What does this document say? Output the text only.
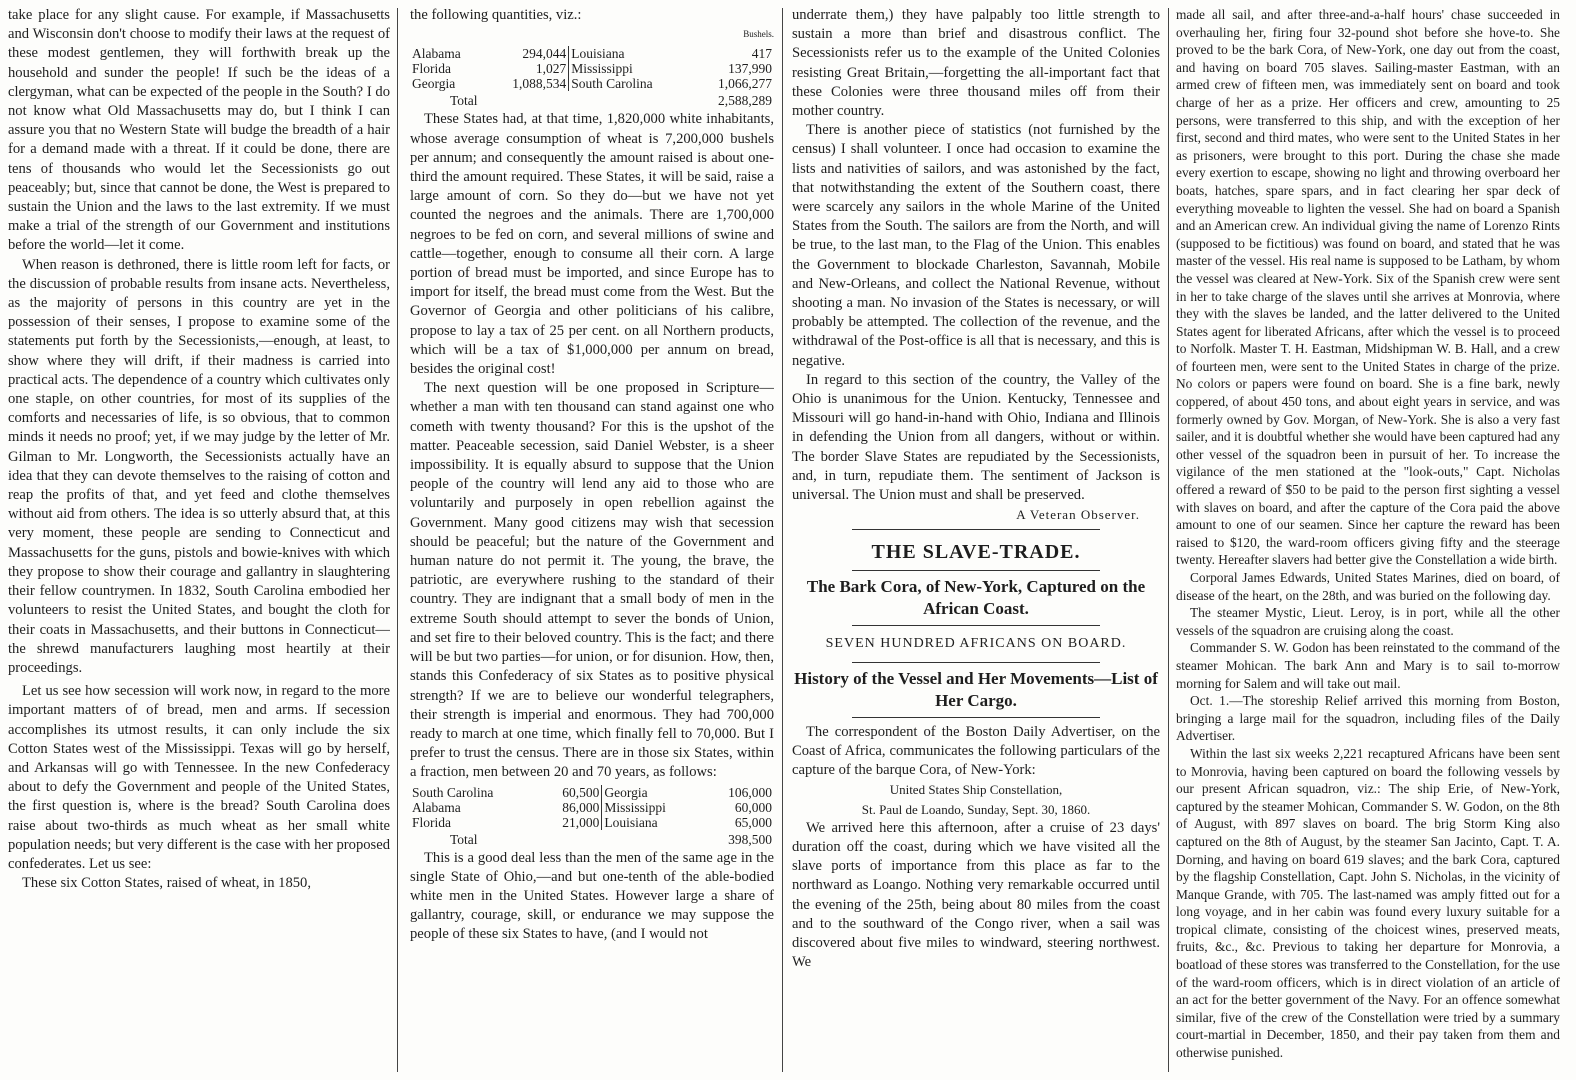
take place for any slight cause. For example, if Massachusetts and Wisconsin don't choose to modify their laws at the request of these modest gentlemen, they will forthwith break up the household and sunder the people! If such be the ideas of a clergyman, what can be expected of the people in the South? I do not know what Old Massachusetts may do, but I think I can assure you that no Western State will budge the breadth of a hair for a demand made with a threat. If it could be done, there are tens of thousands who would let the Secessionists go out peaceably; but, since that cannot be done, the West is prepared to sustain the Union and the laws to the last extremity. If we must make a trial of the strength of our Government and institutions before the world—let it come.

When reason is dethroned, there is little room left for facts, or the discussion of probable results from insane acts. Nevertheless, as the majority of persons in this country are yet in the possession of their senses, I propose to examine some of the statements put forth by the Secessionists,—enough, at least, to show where they will drift, if their madness is carried into practical acts. The dependence of a country which cultivates only one staple, on other countries, for most of its supplies of the comforts and necessaries of life, is so obvious, that to common minds it needs no proof; yet, if we may judge by the letter of Mr. Gilman to Mr. Longworth, the Secessionists actually have an idea that they can devote themselves to the raising of cotton and reap the profits of that, and yet feed and clothe themselves without aid from others. The idea is so utterly absurd that, at this very moment, these people are sending to Connecticut and Massachusetts for the guns, pistols and bowie-knives with which they propose to show their courage and gallantry in slaughtering their fellow countrymen. In 1832, South Carolina embodied her volunteers to resist the United States, and bought the cloth for their coats in Massachusetts, and their buttons in Connecticut—the shrewd manufacturers laughing most heartily at their proceedings.

Let us see how secession will work now, in regard to the more important matters of of bread, men and arms. If secession accomplishes its utmost results, it can only include the six Cotton States west of the Mississippi. Texas will go by herself, and Arkansas will go with Tennessee. In the new Confederacy about to defy the Government and people of the United States, the first question is, where is the bread? South Carolina does raise about two-thirds as much wheat as her small white population needs; but very different is the case with her proposed confederates. Let us see:

These six Cotton States, raised of wheat, in 1850,

the following quantities, viz.:

Bushels.
Alabama	294,044	Louisiana	417
Florida	1,027	Mississippi	137,990
Georgia	1,088,534	South Carolina	1,066,277
Total	2,588,289

These States had, at that time, 1,820,000 white inhabitants, whose average consumption of wheat is 7,200,000 bushels per annum; and consequently the amount raised is about one-third the amount required. These States, it will be said, raise a large amount of corn. So they do—but we have not yet counted the negroes and the animals. There are 1,700,000 negroes to be fed on corn, and several millions of swine and cattle—together, enough to consume all their corn. A large portion of bread must be imported, and since Europe has to import for itself, the bread must come from the West. But the Governor of Georgia and other politicians of his calibre, propose to lay a tax of 25 per cent. on all Northern products, which will be a tax of $1,000,000 per annum on bread, besides the original cost!

The next question will be one proposed in Scripture—whether a man with ten thousand can stand against one who cometh with twenty thousand? For this is the upshot of the matter. Peaceable secession, said Daniel Webster, is a sheer impossibility. It is equally absurd to suppose that the Union people of the country will lend any aid to those who are voluntarily and purposely in open rebellion against the Government. Many good citizens may wish that secession should be peaceful; but the nature of the Government and human nature do not permit it. The young, the brave, the patriotic, are everywhere rushing to the standard of their country. They are indignant that a small body of men in the extreme South should attempt to sever the bonds of Union, and set fire to their beloved country. This is the fact; and there will be but two parties—for union, or for disunion. How, then, stands this Confederacy of six States as to positive physical strength? If we are to believe our wonderful telegraphers, their strength is imperial and enormous. They had 700,000 ready to march at one time, which finally fell to 70,000. But I prefer to trust the census. There are in those six States, within a fraction, men between 20 and 70 years, as follows:

South Carolina	60,500	Georgia	106,000
Alabama	86,000	Mississippi	60,000
Florida	21,000	Louisiana	65,000
Total	398,500

This is a good deal less than the men of the same age in the single State of Ohio,—and but one-tenth of the able-bodied white men in the United States. However large a share of gallantry, courage, skill, or endurance we may suppose the people of these six States to have, (and I would not

underrate them,) they have palpably too little strength to sustain a more than brief and disastrous conflict. The Secessionists refer us to the example of the United Colonies resisting Great Britain,—forgetting the all-important fact that these Colonies were three thousand miles off from their mother country.

There is another piece of statistics (not furnished by the census) I shall volunteer. I once had occasion to examine the lists and nativities of sailors, and was astonished by the fact, that notwithstanding the extent of the Southern coast, there were scarcely any sailors in the whole Marine of the United States from the South. The sailors are from the North, and will be true, to the last man, to the Flag of the Union. This enables the Government to blockade Charleston, Savannah, Mobile and New-Orleans, and collect the National Revenue, without shooting a man. No invasion of the States is necessary, or will probably be attempted. The collection of the revenue, and the withdrawal of the Post-office is all that is necessary, and this is negative.

In regard to this section of the country, the Valley of the Ohio is unanimous for the Union. Kentucky, Tennessee and Missouri will go hand-in-hand with Ohio, Indiana and Illinois in defending the Union from all dangers, without or within. The border Slave States are repudiated by the Secessionists, and, in turn, repudiate them. The sentiment of Jackson is universal. The Union must and shall be preserved.

A Veteran Observer.
THE SLAVE-TRADE.
The Bark Cora, of New-York, Captured on the African Coast.
SEVEN HUNDRED AFRICANS ON BOARD.
History of the Vessel and Her Movements—List of Her Cargo.

The correspondent of the Boston Daily Advertiser, on the Coast of Africa, communicates the following particulars of the capture of the barque Cora, of New-York:

United States Ship Constellation,
St. Paul de Loando, Sunday, Sept. 30, 1860.

We arrived here this afternoon, after a cruise of 23 days' duration off the coast, during which we have visited all the slave ports of importance from this place as far to the northward as Loango. Nothing very remarkable occurred until the evening of the 25th, being about 80 miles from the coast and to the southward of the Congo river, when a sail was discovered about five miles to windward, steering northwest. We

made all sail, and after three-and-a-half hours' chase succeeded in overhauling her, firing four 32-pound shot before she hove-to. She proved to be the bark Cora, of New-York, one day out from the coast, and having on board 705 slaves. Sailing-master Eastman, with an armed crew of fifteen men, was immediately sent on board and took charge of her as a prize. Her officers and crew, amounting to 25 persons, were transferred to this ship, and with the exception of her first, second and third mates, who were sent to the United States in her as prisoners, were brought to this port. During the chase she made every exertion to escape, showing no light and throwing overboard her boats, hatches, spare spars, and in fact clearing her spar deck of everything moveable to lighten the vessel. She had on board a Spanish and an American crew. An individual giving the name of Lorenzo Rints (supposed to be fictitious) was found on board, and stated that he was master of the vessel. His real name is supposed to be Latham, by whom the vessel was cleared at New-York. Six of the Spanish crew were sent in her to take charge of the slaves until she arrives at Monrovia, where they with the slaves be landed, and the latter delivered to the United States agent for liberated Africans, after which the vessel is to proceed to Norfolk. Master T. H. Eastman, Midshipman W. B. Hall, and a crew of fourteen men, were sent to the United States in charge of the prize. No colors or papers were found on board. She is a fine bark, newly coppered, of about 450 tons, and about eight years in service, and was formerly owned by Gov. Morgan, of New-York. She is also a very fast sailer, and it is doubtful whether she would have been captured had any other vessel of the squadron been in pursuit of her. To increase the vigilance of the men stationed at the "look-outs," Capt. Nicholas offered a reward of $50 to be paid to the person first sighting a vessel with slaves on board, and after the capture of the Cora paid the above amount to one of our seamen. Since her capture the reward has been raised to $120, the ward-room officers giving fifty and the steerage twenty. Hereafter slavers had better give the Constellation a wide birth.

Corporal James Edwards, United States Marines, died on board, of disease of the heart, on the 28th, and was buried on the following day.

The steamer Mystic, Lieut. Leroy, is in port, while all the other vessels of the squadron are cruising along the coast.

Commander S. W. Godon has been reinstated to the command of the steamer Mohican. The bark Ann and Mary is to sail to-morrow morning for Salem and will take out mail.

Oct. 1.—The storeship Relief arrived this morning from Boston, bringing a large mail for the squadron, including files of the Daily Advertiser.

Within the last six weeks 2,221 recaptured Africans have been sent to Monrovia, having been captured on board the following vessels by our present African squadron, viz.: The ship Erie, of New-York, captured by the steamer Mohican, Commander S. W. Godon, on the 8th of August, with 897 slaves on board. The brig Storm King also captured on the 8th of August, by the steamer San Jacinto, Capt. T. A. Dorning, and having on board 619 slaves; and the bark Cora, captured by the flagship Constellation, Capt. John S. Nicholas, in the vicinity of Manque Grande, with 705. The last-named was amply fitted out for a long voyage, and in her cabin was found every luxury suitable for a tropical climate, consisting of the choicest wines, preserved meats, fruits, &c., &c. Previous to taking her departure for Monrovia, a boatload of these stores was transferred to the Constellation, for the use of the ward-room officers, which is in direct violation of an article of an act for the better government of the Navy. For an offence somewhat similar, five of the crew of the Constellation were tried by a summary court-martial in December, 1850, and their pay taken from them and otherwise punished.
